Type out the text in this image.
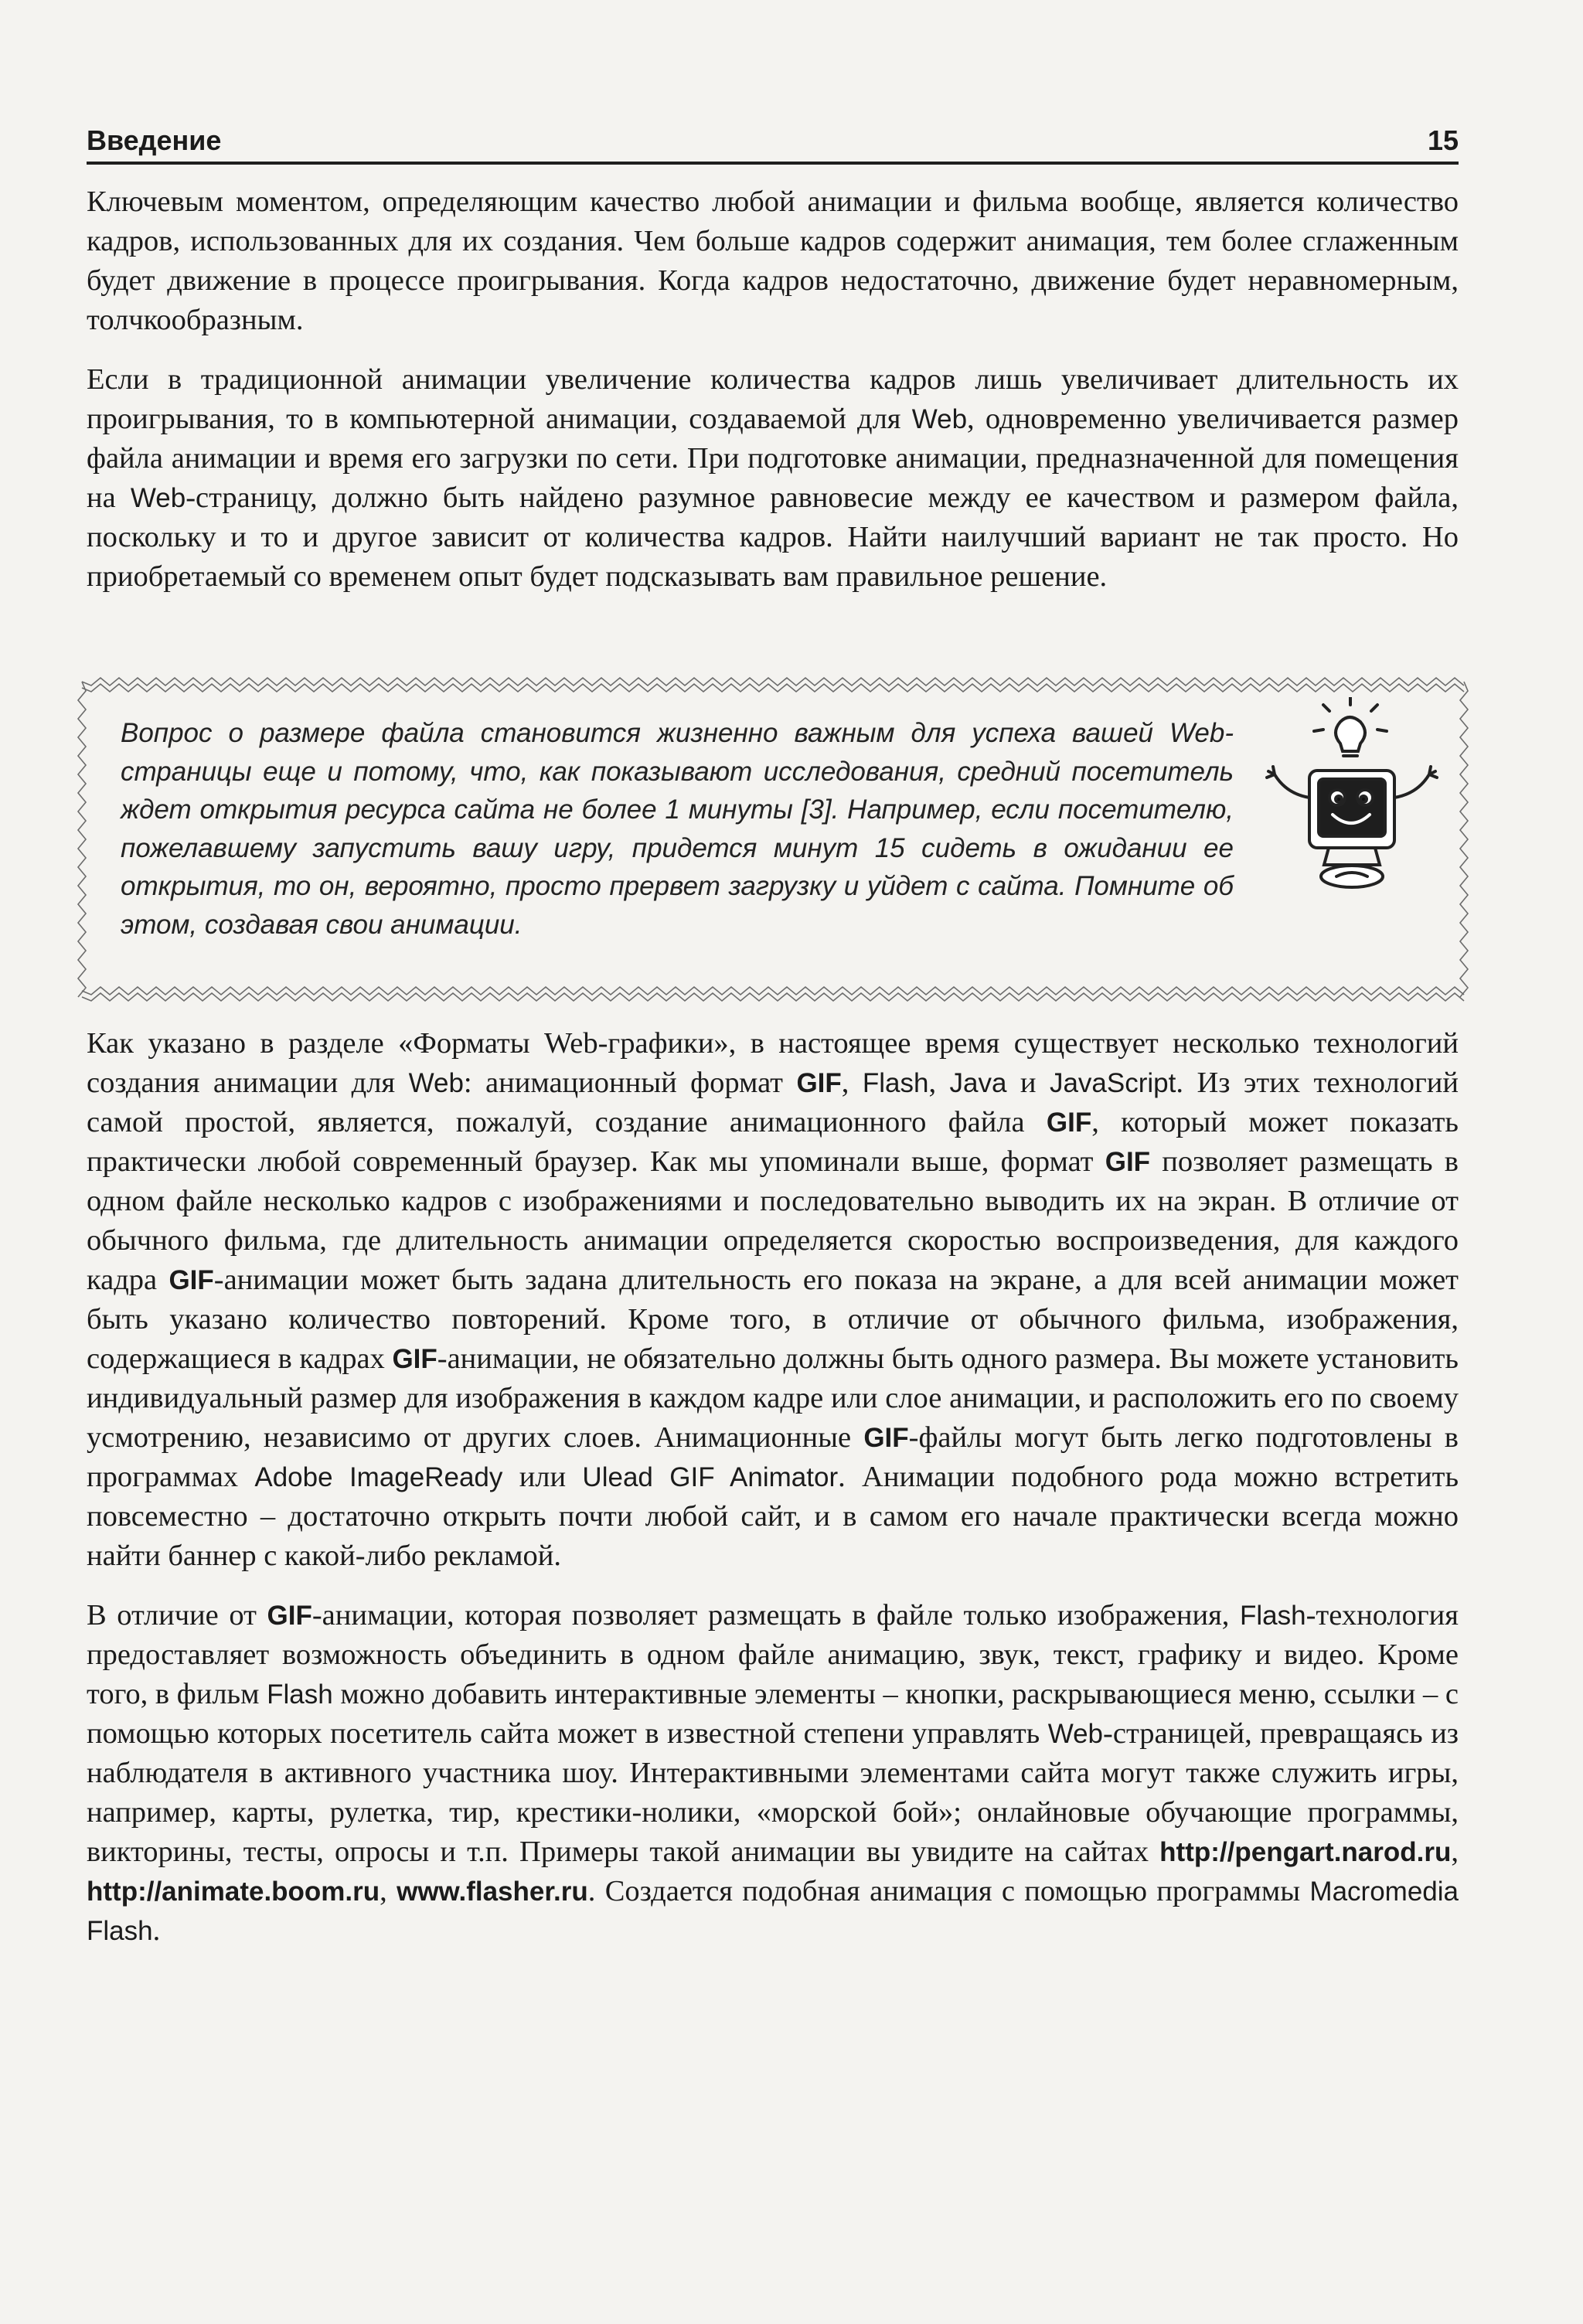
Введение	15

Ключевым моментом, определяющим качество любой анимации и фильма вообще, является количество кадров, использованных для их создания. Чем больше кадров содержит анимация, тем более сглаженным будет движение в процессе проигрывания. Когда кадров недостаточно, движение будет неравномерным, толчкообразным.

Если в традиционной анимации увеличение количества кадров лишь увеличивает длительность их проигрывания, то в компьютерной анимации, создаваемой для Web, одновременно увеличивается размер файла анимации и время его загрузки по сети. При подготовке анимации, предназначенной для помещения на Web-страницу, должно быть найдено разумное равновесие между ее качеством и размером файла, поскольку и то и другое зависит от количества кадров. Найти наилучший вариант не так просто. Но приобретаемый со временем опыт будет подсказывать вам правильное решение.

Вопрос о размере файла становится жизненно важным для успеха вашей Web-страницы еще и потому, что, как показывают исследования, средний посетитель ждет открытия ресурса сайта не более 1 минуты [3]. Например, если посетителю, пожелавшему запустить вашу игру, придется минут 15 сидеть в ожидании ее открытия, то он, вероятно, просто прервет загрузку и уйдет с сайта. Помните об этом, создавая свои анимации.

Как указано в разделе «Форматы Web-графики», в настоящее время существует несколько технологий создания анимации для Web: анимационный формат GIF, Flash, Java и JavaScript. Из этих технологий самой простой, является, пожалуй, создание анимационного файла GIF, который может показать практически любой современный браузер. Как мы упоминали выше, формат GIF позволяет размещать в одном файле несколько кадров с изображениями и последовательно выводить их на экран. В отличие от обычного фильма, где длительность анимации определяется скоростью воспроизведения, для каждого кадра GIF-анимации может быть задана длительность его показа на экране, а для всей анимации может быть указано количество повторений. Кроме того, в отличие от обычного фильма, изображения, содержащиеся в кадрах GIF-анимации, не обязательно должны быть одного размера. Вы можете установить индивидуальный размер для изображения в каждом кадре или слое анимации, и расположить его по своему усмотрению, независимо от других слоев. Анимационные GIF-файлы могут быть легко подготовлены в программах Adobe ImageReady или Ulead GIF Animator. Анимации подобного рода можно встретить повсеместно – достаточно открыть почти любой сайт, и в самом его начале практически всегда можно найти баннер с какой-либо рекламой.

В отличие от GIF-анимации, которая позволяет размещать в файле только изображения, Flash-технология предоставляет возможность объединить в одном файле анимацию, звук, текст, графику и видео. Кроме того, в фильм Flash можно добавить интерактивные элементы – кнопки, раскрывающиеся меню, ссылки – с помощью которых посетитель сайта может в известной степени управлять Web-страницей, превращаясь из наблюдателя в активного участника шоу. Интерактивными элементами сайта могут также служить игры, например, карты, рулетка, тир, крестики-нолики, «морской бой»; онлайновые обучающие программы, викторины, тесты, опросы и т.п. Примеры такой анимации вы увидите на сайтах http://pengart.narod.ru, http://animate.boom.ru, www.flasher.ru. Создается подобная анимация с помощью программы Macromedia Flash.
